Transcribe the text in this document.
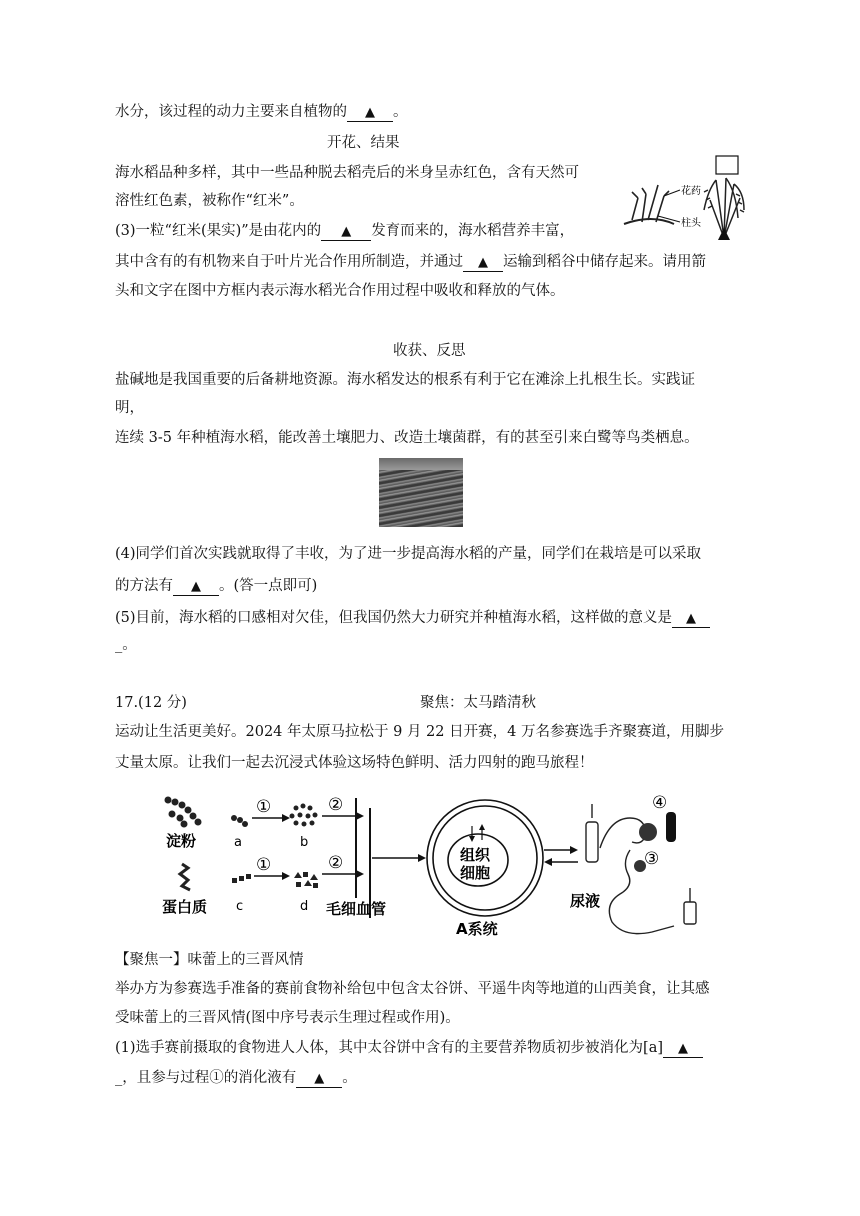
水分，该过程的动力主要来自植物的 ▲ 。
开花、结果
海水稻品种多样，其中一些品种脱去稻壳后的米身呈赤红色，含有天然可
溶性红色素，被称作“红米”。
(3)一粒“红米(果实)”是由花内的 ▲ 发育而来的，海水稻营养丰富，
其中含有的有机物来自于叶片光合作用所制造，并通过 ▲ 运输到稻谷中储存起来。请用箭
头和文字在图中方框内表示海水稻光合作用过程中吸收和释放的气体。
花药
柱头
收获、反思
盐碱地是我国重要的后备耕地资源。海水稻发达的根系有利于它在滩涂上扎根生长。实践证
明，
连续 3-5 年种植海水稻，能改善土壤肥力、改造土壤菌群，有的甚至引来白鹭等鸟类栖息。
(4)同学们首次实践就取得了丰收，为了进一步提高海水稻的产量，同学们在栽培是可以采取
的方法有 ▲ 。(答一点即可)
(5)目前，海水稻的口感相对欠佳，但我国仍然大力研究并种植海水稻，这样做的意义是 ▲
_。
17.(12 分)	聚焦：太马踏清秋
运动让生活更美好。2024 年太原马拉松于 9 月 22 日开赛，4 万名参赛选手齐聚赛道，用脚步
丈量太原。让我们一起去沉浸式体验这场特色鲜明、活力四射的跑马旅程！
淀粉	a
①
b
②
蛋白质 c
①
d
②
毛细血管
组织
细胞
A系统
④
③
尿液
【聚焦一】味蕾上的三晋风情
举办方为参赛选手准备的赛前食物补给包中包含太谷饼、平遥牛肉等地道的山西美食，让其感
受味蕾上的三晋风情(图中序号表示生理过程或作用)。
(1)选手赛前摄取的食物进人人体，其中太谷饼中含有的主要营养物质初步被消化为[a] ▲
_，且参与过程①的消化液有 ▲ 。
